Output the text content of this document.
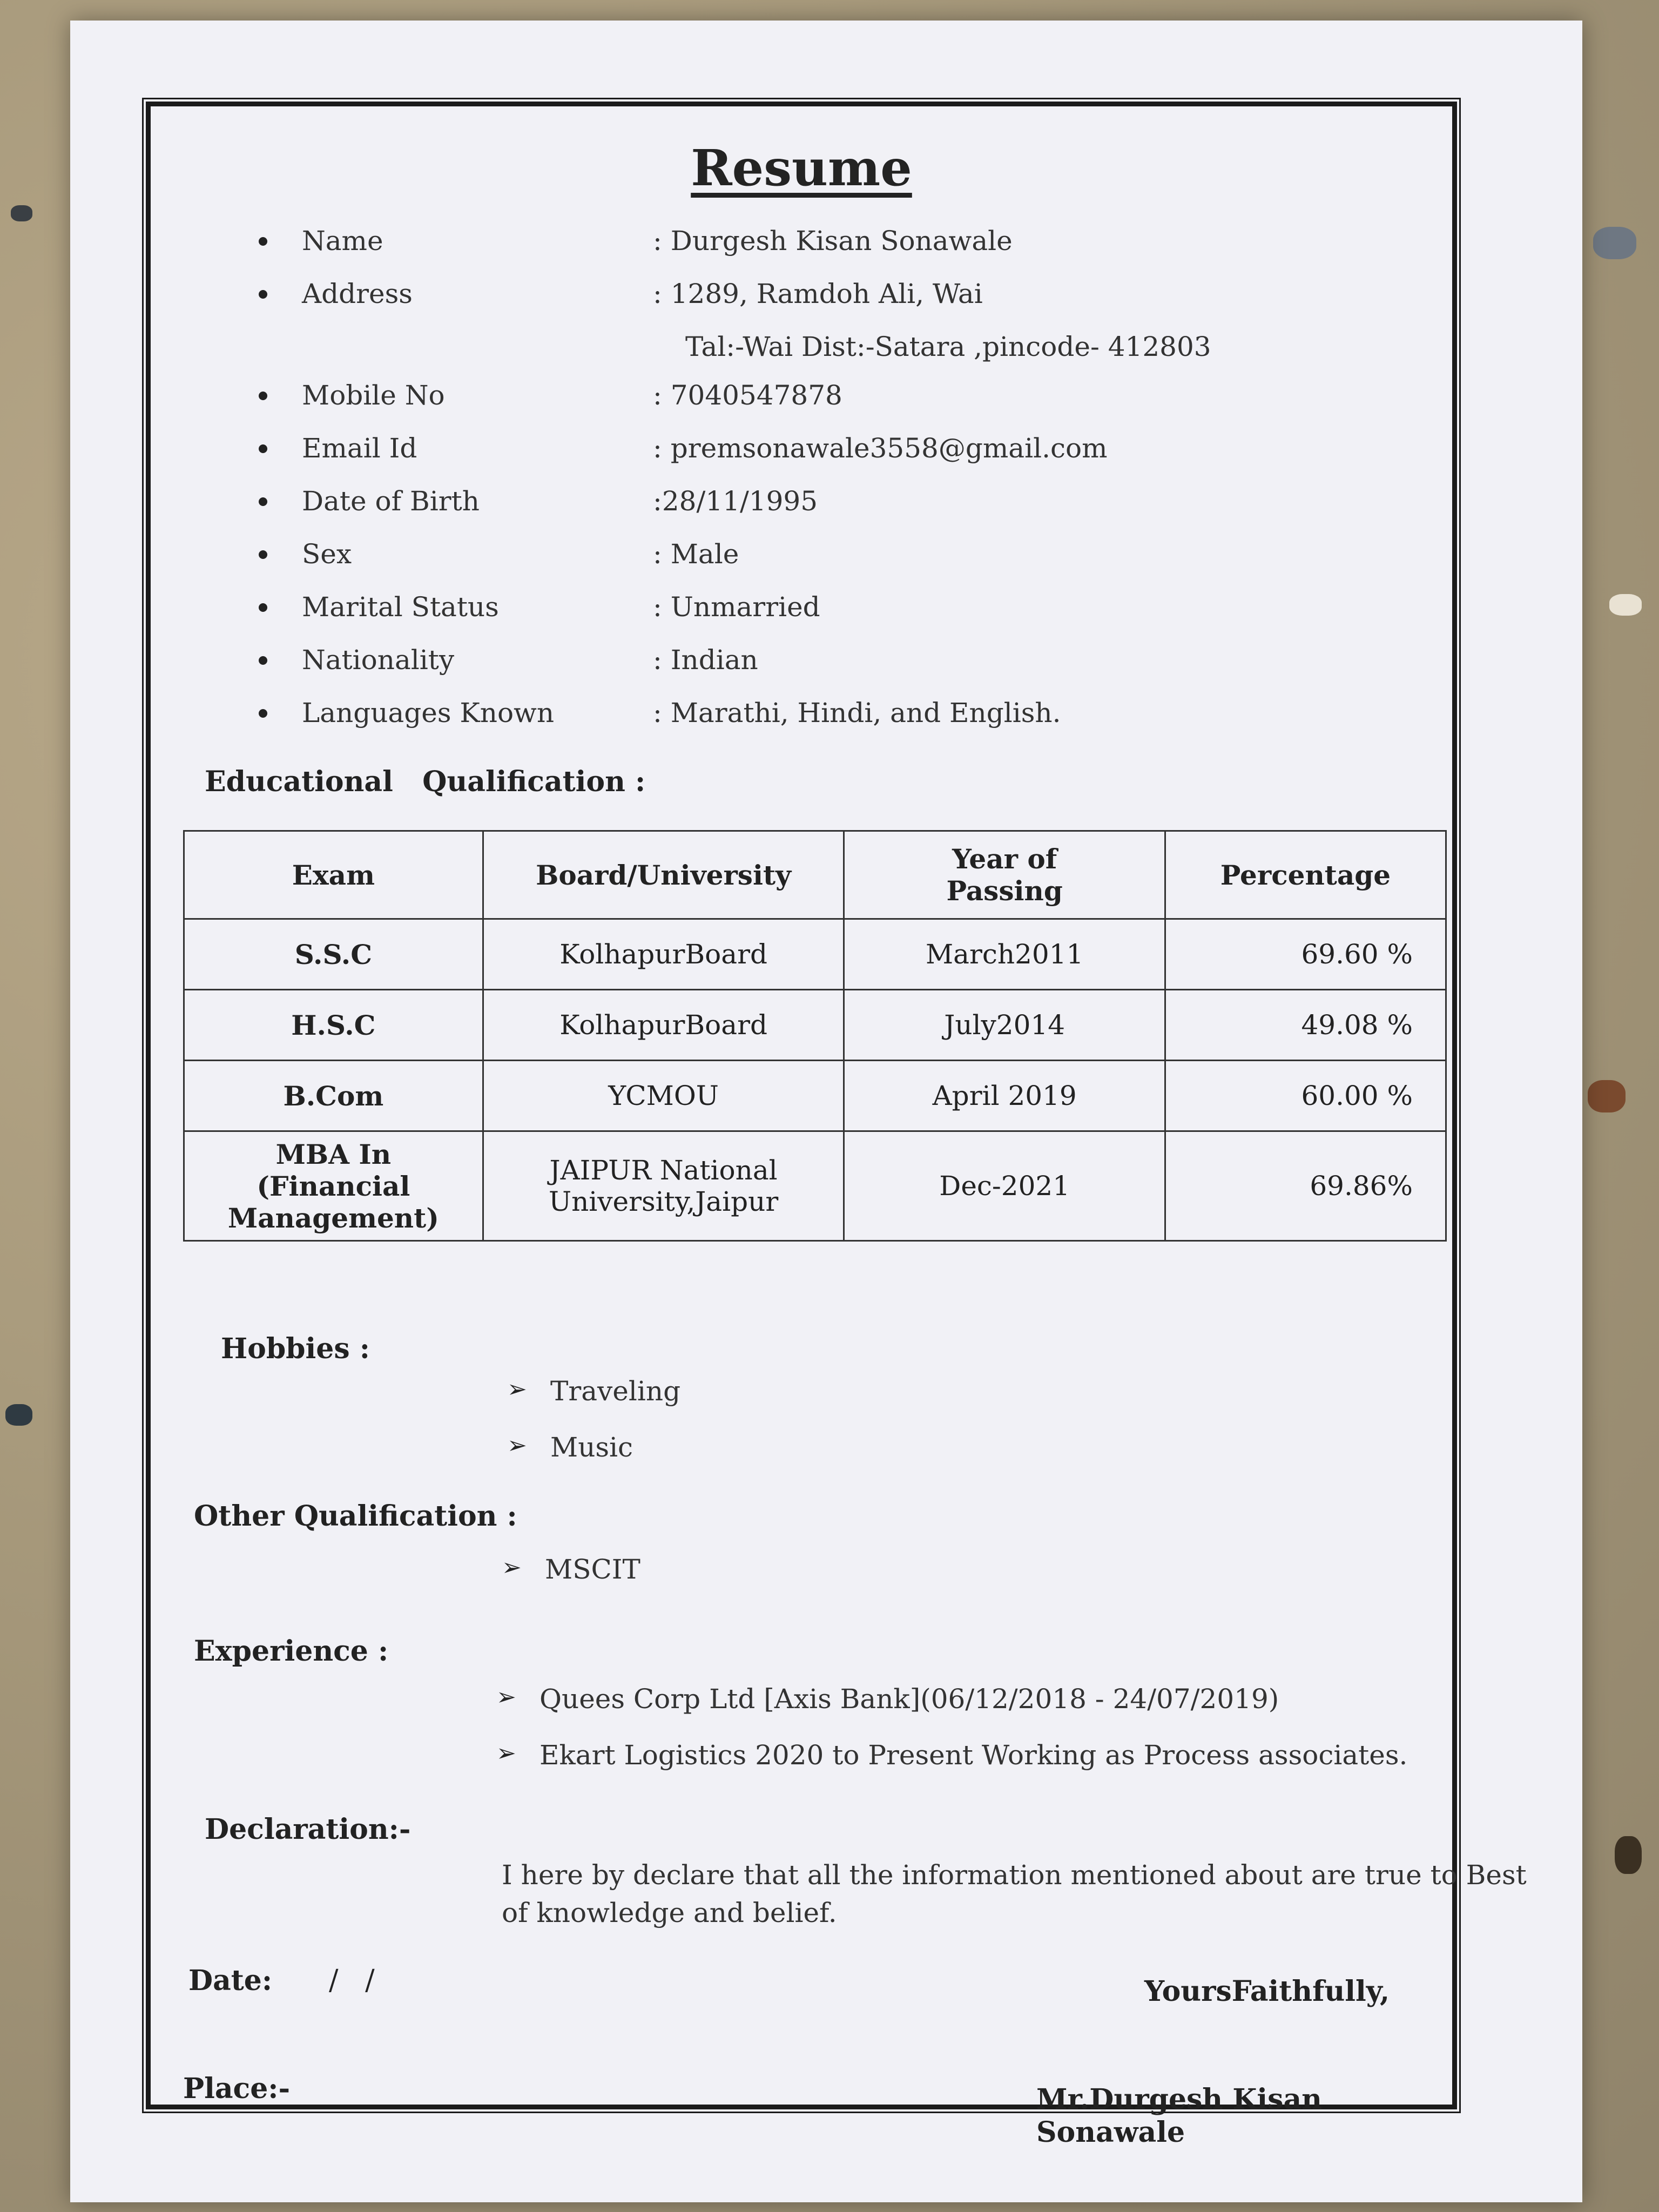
Resume
Name	: Durgesh Kisan Sonawale
Address	: 1289, Ramdoh Ali, Wai
Tal:-Wai Dist:-Satara ,pincode- 412803
Mobile No	: 7040547878
Email Id	: premsonawale3558@gmail.com
Date of Birth	:28/11/1995
Sex	: Male
Marital Status	: Unmarried
Nationality	: Indian
Languages Known	: Marathi, Hindi, and English.
Educational   Qualification :
Exam	Board/University	Year of Passing	Percentage
S.S.C	KolhapurBoard	March2011	69.60 %
H.S.C	KolhapurBoard	July2014	49.08 %
B.Com	YCMOU	April 2019	60.00 %

MBA In (Financial Management)	JAIPUR National University,Jaipur	Dec-2021	69.86%
Hobbies :
➢ Traveling
➢ Music
Other Qualification :
➢ MSCIT
Experience :
➢ Quees Corp Ltd [Axis Bank](06/12/2018 - 24/07/2019)
➢ Ekart Logistics 2020 to Present Working as Process associates.
Declaration:-
I here by declare that all the information mentioned about are true to Best of knowledge and belief.
Date: /   /	YoursFaithfully,
Place:-	Mr.Durgesh Kisan Sonawale
